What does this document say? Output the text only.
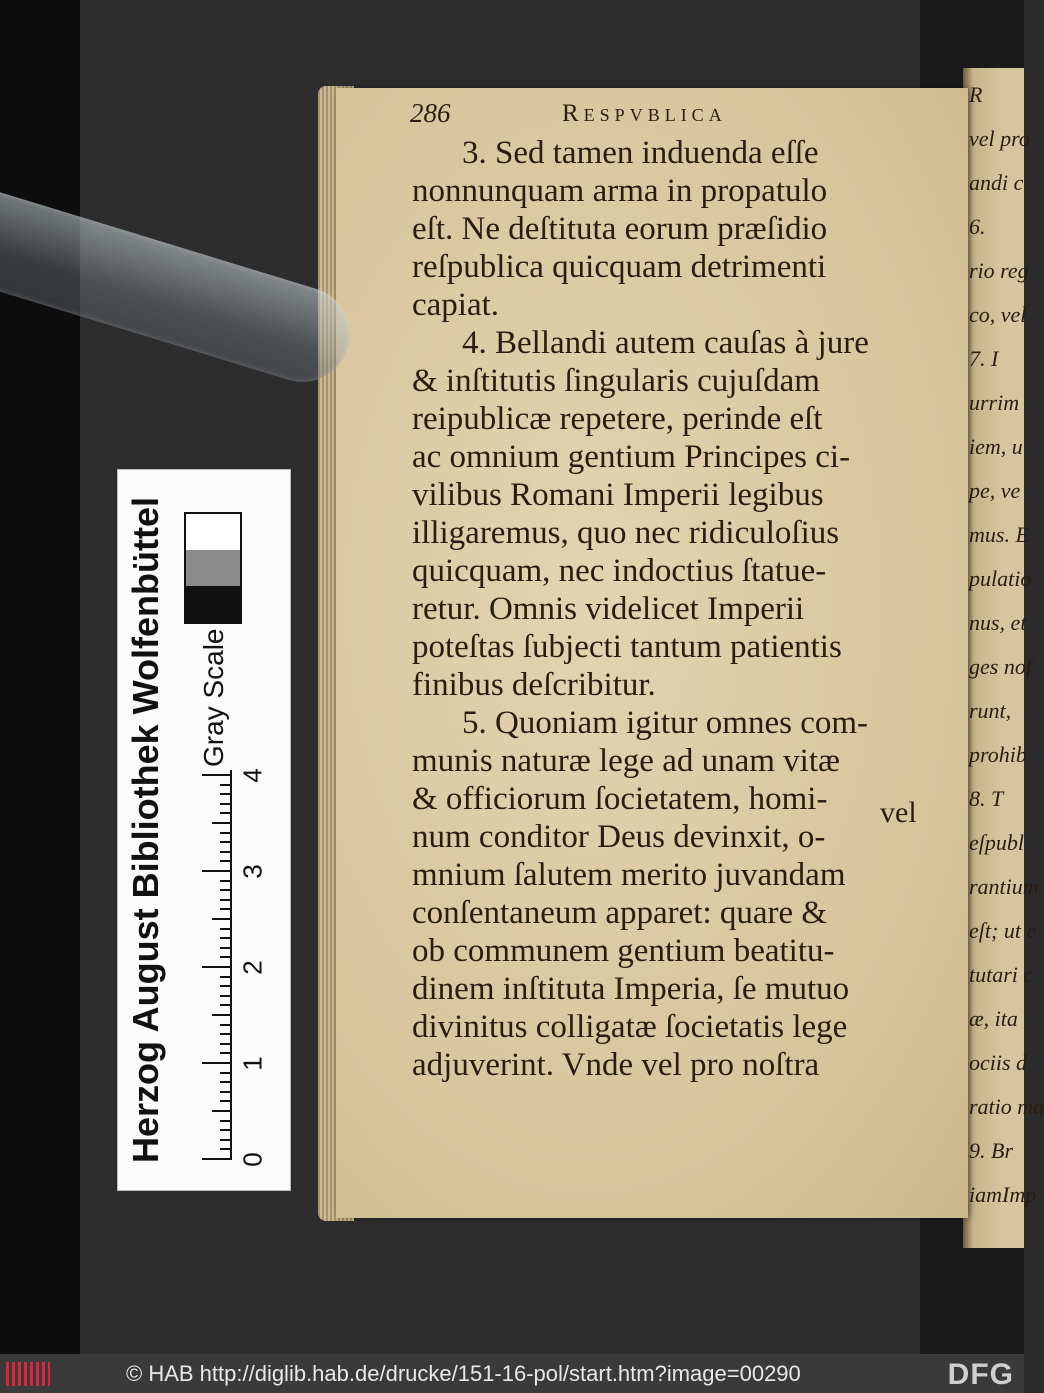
R
vel pro
andi c
6.
rio reg
co, vel
7. I
urrim
iem, u
pe, ve
mus. E
pulatio
nus, et
ges noſ
runt,
prohib
8. T
eſpubl
rantium
eſt; ut e
tutari c
æ, ita
ociis d
ratio ma
9. Br
iamImp
286	Respvblica
3. Sed tamen induenda eſſe
nonnunquam arma in propatulo
eſt. Ne deſtituta eorum præſidio
reſpublica quicquam detrimenti
capiat.
4. Bellandi autem cauſas à jure
& inſtitutis ſingularis cujuſdam
reipublicæ repetere, perinde eſt
ac omnium gentium Principes ci-
vilibus Romani Imperii legibus
illigaremus, quo nec ridiculoſius
quicquam, nec indoctius ſtatue-
retur. Omnis videlicet Imperii
poteſtas ſubjecti tantum patientis
finibus deſcribitur.
5. Quoniam igitur omnes com-
munis naturæ lege ad unam vitæ
& officiorum ſocietatem, homi-
num conditor Deus devinxit, o-
mnium ſalutem merito juvandam
conſentaneum apparet: quare &
ob communem gentium beatitu-
dinem inſtituta Imperia, ſe mutuo
divinitus colligatæ ſocietatis lege
adjuverint. Vnde vel pro noſtra
vel
Herzog August Bibliothek Wolfenbüttel Gray Scale
0
1
2
3
4
© HAB http://diglib.hab.de/drucke/151-16-pol/start.htm?image=00290	DFG
